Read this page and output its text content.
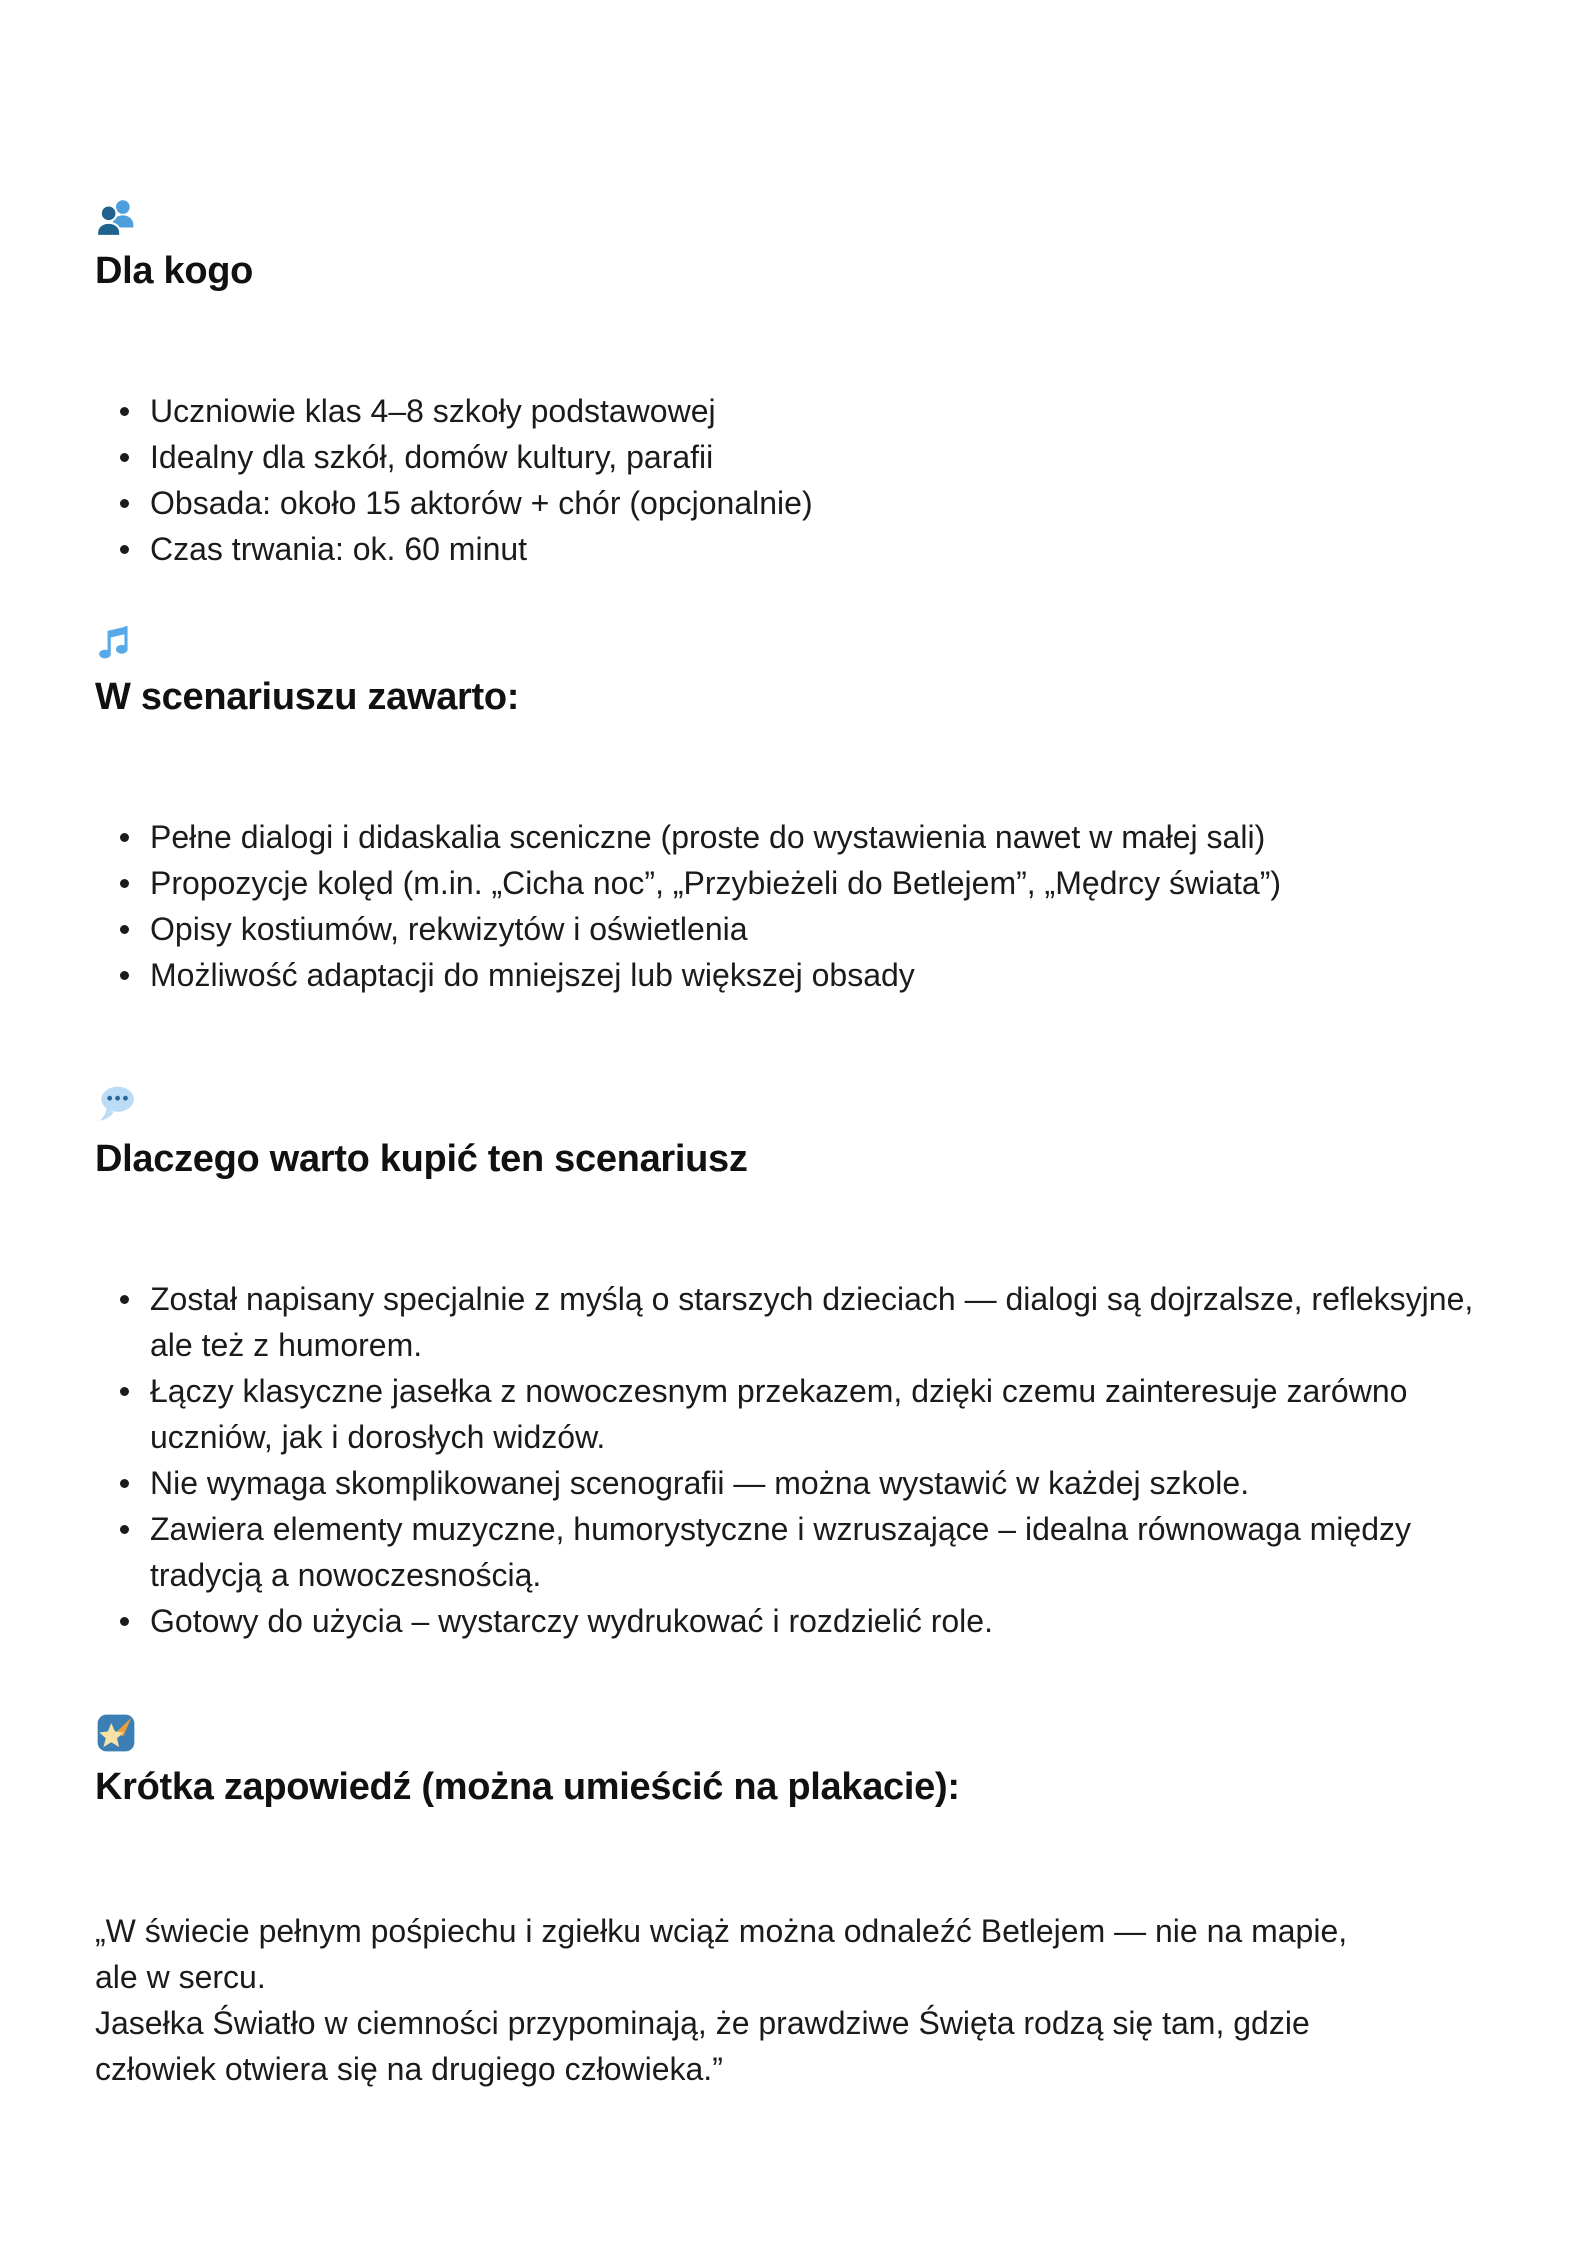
Dla kogo
Uczniowie klas 4–8 szkoły podstawowej
Idealny dla szkół, domów kultury, parafii
Obsada: około 15 aktorów + chór (opcjonalnie)
Czas trwania: ok. 60 minut
W scenariuszu zawarto:
Pełne dialogi i didaskalia sceniczne (proste do wystawienia nawet w małej sali)
Propozycje kolęd (m.in. „Cicha noc”, „Przybieżeli do Betlejem”, „Mędrcy świata”)
Opisy kostiumów, rekwizytów i oświetlenia
Możliwość adaptacji do mniejszej lub większej obsady
Dlaczego warto kupić ten scenariusz
Został napisany specjalnie z myślą o starszych dzieciach — dialogi są dojrzalsze, refleksyjne, ale też z humorem.
Łączy klasyczne jasełka z nowoczesnym przekazem, dzięki czemu zainteresuje zarówno uczniów, jak i dorosłych widzów.
Nie wymaga skomplikowanej scenografii — można wystawić w każdej szkole.
Zawiera elementy muzyczne, humorystyczne i wzruszające – idealna równowaga między tradycją a nowoczesnością.
Gotowy do użycia – wystarczy wydrukować i rozdzielić role.
Krótka zapowiedź (można umieścić na plakacie):
„W świecie pełnym pośpiechu i zgiełku wciąż można odnaleźć Betlejem — nie na mapie,
ale w sercu.
Jasełka Światło w ciemności przypominają, że prawdziwe Święta rodzą się tam, gdzie
człowiek otwiera się na drugiego człowieka.”
